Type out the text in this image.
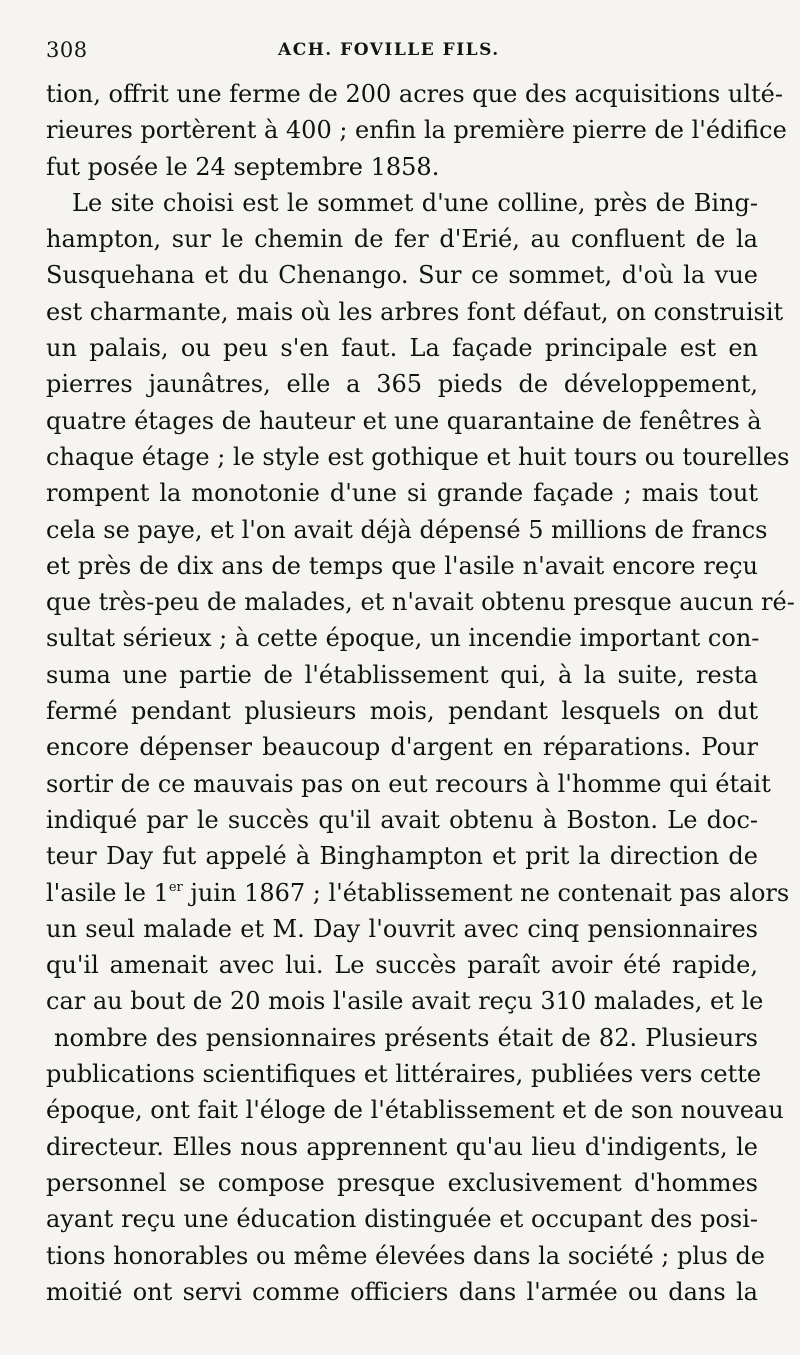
308	ACH. FOVILLE FILS.
tion, offrit une ferme de 200 acres que des acquisitions ulté-
rieures portèrent à 400 ; enfin la première pierre de l'édifice
fut posée le 24 septembre 1858.
Le site choisi est le sommet d'une colline, près de Bing-
hampton, sur le chemin de fer d'Erié, au confluent de la
Susquehana et du Chenango. Sur ce sommet, d'où la vue
est charmante, mais où les arbres font défaut, on construisit
un palais, ou peu s'en faut. La façade principale est en
pierres jaunâtres, elle a 365 pieds de développement,
quatre étages de hauteur et une quarantaine de fenêtres à
chaque étage ; le style est gothique et huit tours ou tourelles
rompent la monotonie d'une si grande façade ; mais tout
cela se paye, et l'on avait déjà dépensé 5 millions de francs
et près de dix ans de temps que l'asile n'avait encore reçu
que très-peu de malades, et n'avait obtenu presque aucun ré-
sultat sérieux ; à cette époque, un incendie important con-
suma une partie de l'établissement qui, à la suite, resta
fermé pendant plusieurs mois, pendant lesquels on dut
encore dépenser beaucoup d'argent en réparations. Pour
sortir de ce mauvais pas on eut recours à l'homme qui était
indiqué par le succès qu'il avait obtenu à Boston. Le doc-
teur Day fut appelé à Binghampton et prit la direction de
l'asile le 1er juin 1867 ; l'établissement ne contenait pas alors
un seul malade et M. Day l'ouvrit avec cinq pensionnaires
qu'il amenait avec lui. Le succès paraît avoir été rapide,
car au bout de 20 mois l'asile avait reçu 310 malades, et le
nombre des pensionnaires présents était de 82. Plusieurs
publications scientifiques et littéraires, publiées vers cette
époque, ont fait l'éloge de l'établissement et de son nouveau
directeur. Elles nous apprennent qu'au lieu d'indigents, le
personnel se compose presque exclusivement d'hommes
ayant reçu une éducation distinguée et occupant des posi-
tions honorables ou même élevées dans la société ; plus de
moitié ont servi comme officiers dans l'armée ou dans la
